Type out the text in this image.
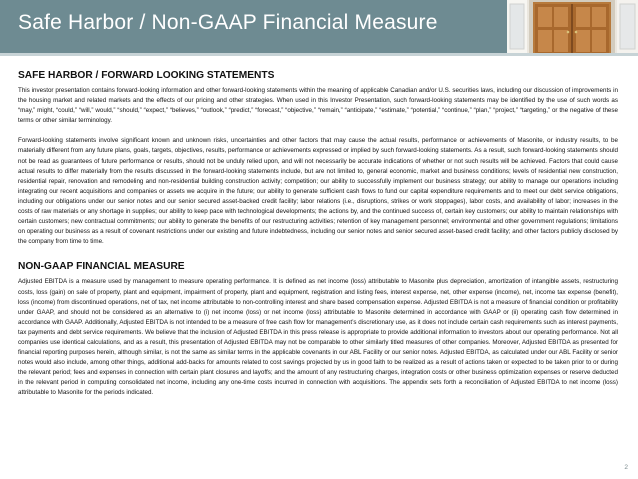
Safe Harbor / Non-GAAP Financial Measure
SAFE HARBOR / FORWARD LOOKING STATEMENTS

This investor presentation contains forward-looking information and other forward-looking statements within the meaning of applicable Canadian and/or U.S. securities laws, including our discussion of improvements in the housing market and related markets and the effects of our pricing and other strategies. When used in this Investor Presentation, such forward-looking statements may be identified by the use of such words as “may,” might, “could,” “will,” would,” “should,” “expect,” “believes,” “outlook,” “predict,” “forecast,” “objective,” “remain,” “anticipate,” “estimate,” “potential,” “continue,” “plan,” “project,” “targeting,” or the negative of these terms or other similar terminology.

Forward-looking statements involve significant known and unknown risks, uncertainties and other factors that may cause the actual results, performance or achievements of Masonite, or industry results, to be materially different from any future plans, goals, targets, objectives, results, performance or achievements expressed or implied by such forward-looking statements. As a result, such forward-looking statements should not be read as guarantees of future performance or results, should not be unduly relied upon, and will not necessarily be accurate indications of whether or not such results will be achieved. Factors that could cause actual results to differ materially from the results discussed in the forward-looking statements include, but are not limited to, general economic, market and business conditions; levels of residential new construction, residential repair, renovation and remodeling and non-residential building construction activity; competition; our ability to successfully implement our business strategy; our ability to manage our operations including integrating our recent acquisitions and companies or assets we acquire in the future; our ability to generate sufficient cash flows to fund our capital expenditure requirements and to meet our debt service obligations, including our obligations under our senior notes and our senior secured asset-backed credit facility; labor relations (i.e., disruptions, strikes or work stoppages), labor costs, and availability of labor; increases in the costs of raw materials or any shortage in supplies; our ability to keep pace with technological developments; the actions by, and the continued success of, certain key customers; our ability to maintain relationships with certain customers; new contractual commitments; our ability to generate the benefits of our restructuring activities; retention of key management personnel; environmental and other government regulations; limitations on operating our business as a result of covenant restrictions under our existing and future indebtedness, including our senior notes and senior secured asset-based credit facility; and other factors publicly disclosed by the company from time to time.

NON-GAAP FINANCIAL MEASURE

Adjusted EBITDA is a measure used by management to measure operating performance. It is defined as net income (loss) attributable to Masonite plus depreciation, amortization of intangible assets, restructuring costs, loss (gain) on sale of property, plant and equipment, impairment of property, plant and equipment, registration and listing fees, interest expense, net, other expense (income), net, income tax expense (benefit), loss (income) from discontinued operations, net of tax, net income attributable to non-controlling interest and share based compensation expense. Adjusted EBITDA is not a measure of financial condition or profitability under GAAP, and should not be considered as an alternative to (i) net income (loss) or net income (loss) attributable to Masonite determined in accordance with GAAP or (ii) operating cash flow determined in accordance with GAAP. Additionally, Adjusted EBITDA is not intended to be a measure of free cash flow for management’s discretionary use, as it does not include certain cash requirements such as interest payments, tax payments and debt service requirements. We believe that the inclusion of Adjusted EBITDA in this press release is appropriate to provide additional information to investors about our operating performance. Not all companies use identical calculations, and as a result, this presentation of Adjusted EBITDA may not be comparable to other similarly titled measures of other companies. Moreover, Adjusted EBITDA as presented for financial reporting purposes herein, although similar, is not the same as similar terms in the applicable covenants in our ABL Facility or our senior notes. Adjusted EBITDA, as calculated under our ABL Facility or senior notes would also include, among other things, additional add-backs for amounts related to cost savings projected by us in good faith to be realized as a result of actions taken or expected to be taken prior to or during the relevant period; fees and expenses in connection with certain plant closures and layoffs; and the amount of any restructuring charges, integration costs or other business optimization expenses or reserve deducted in the relevant period in computing consolidated net income, including any one-time costs incurred in connection with acquisitions. The appendix sets forth a reconciliation of Adjusted EBITDA to net income (loss) attributable to Masonite for the periods indicated.

2
